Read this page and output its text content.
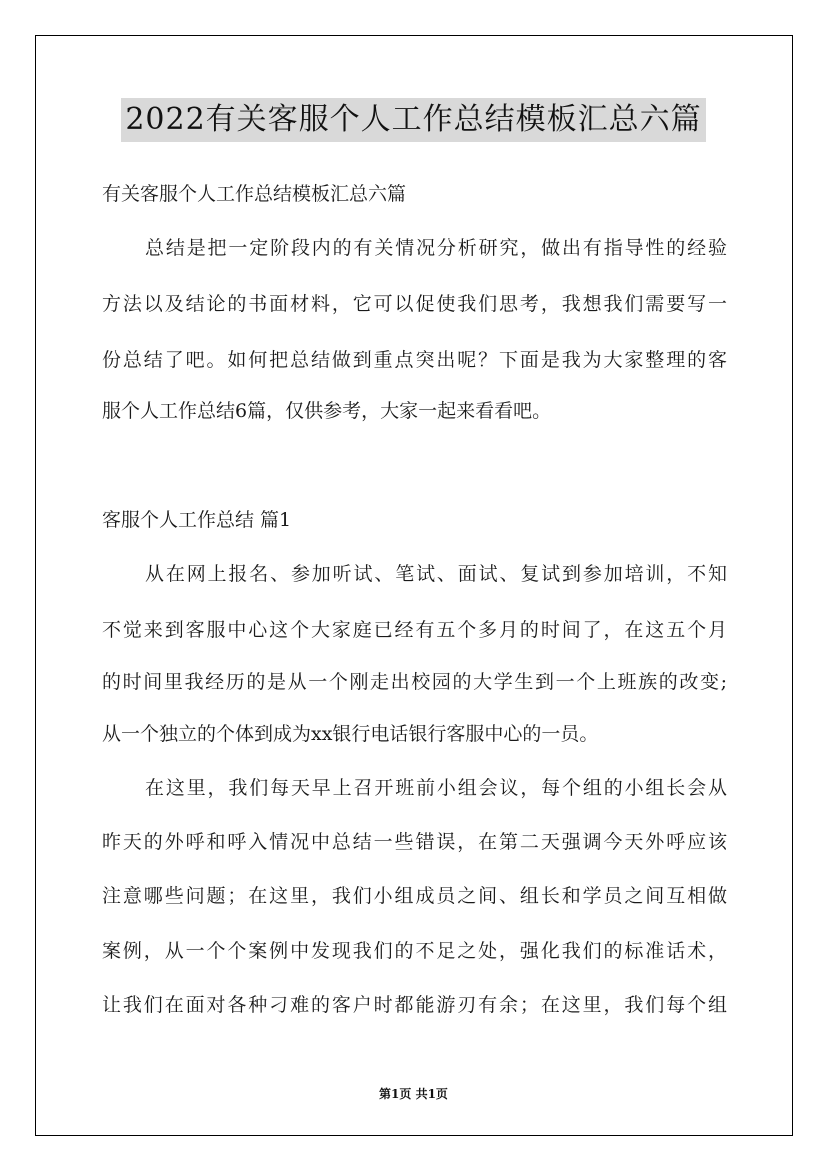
2022有关客服个人工作总结模板汇总六篇
有关客服个人工作总结模板汇总六篇
总结是把一定阶段内的有关情况分析研究，做出有指导性的经验
方法以及结论的书面材料，它可以促使我们思考，我想我们需要写一
份总结了吧。如何把总结做到重点突出呢？下面是我为大家整理的客
服个人工作总结6篇，仅供参考，大家一起来看看吧。
客服个人工作总结 篇1
从在网上报名、参加听试、笔试、面试、复试到参加培训，不知
不觉来到客服中心这个大家庭已经有五个多月的时间了，在这五个月
的时间里我经历的是从一个刚走出校园的大学生到一个上班族的改变;
从一个独立的个体到成为xx银行电话银行客服中心的一员。
在这里，我们每天早上召开班前小组会议，每个组的小组长会从
昨天的外呼和呼入情况中总结一些错误，在第二天强调今天外呼应该
注意哪些问题；在这里，我们小组成员之间、组长和学员之间互相做
案例，从一个个案例中发现我们的不足之处，强化我们的标准话术，
让我们在面对各种刁难的客户时都能游刃有余；在这里，我们每个组
第1页 共1页
